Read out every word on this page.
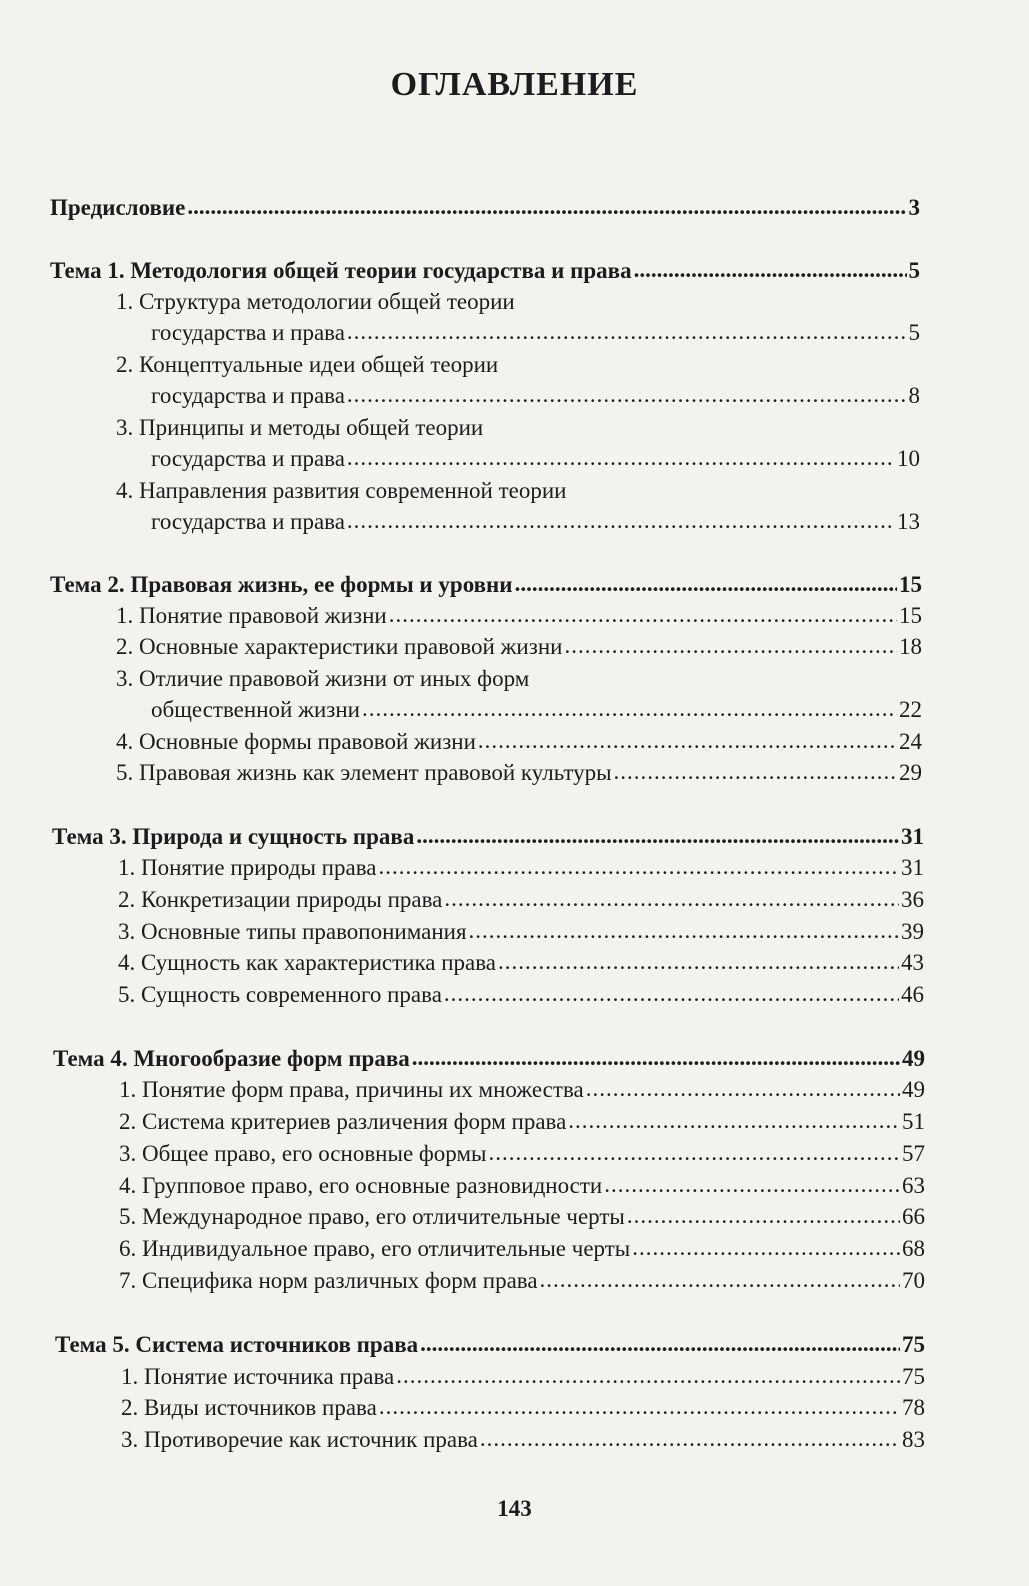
ОГЛАВЛЕНИЕ
Предисловие .....	3
Тема 1. Методология общей теории государства и права .....	5
1. Структура методологии общей теории
государства и права .....	5
2. Концептуальные идеи общей теории
государства и права .....	8
3. Принципы и методы общей теории
государства и права .....	10
4. Направления развития современной теории
государства и права .....	13
Тема 2. Правовая жизнь, ее формы и уровни .....	15
1. Понятие правовой жизни .....	15
2. Основные характеристики правовой жизни .....	18
3. Отличие правовой жизни от иных форм
общественной жизни .....	22
4. Основные формы правовой жизни .....	24
5. Правовая жизнь как элемент правовой культуры .....	29
Тема 3. Природа и сущность права .....	31
1. Понятие природы права .....	31
2. Конкретизации природы права .....	36
3. Основные типы правопонимания .....	39
4. Сущность как характеристика права .....	43
5. Сущность современного права .....	46
Тема 4. Многообразие форм права .....	49
1. Понятие форм права, причины их множества .....	49
2. Система критериев различения форм права .....	51
3. Общее право, его основные формы .....	57
4. Групповое право, его основные разновидности .....	63
5. Международное право, его отличительные черты .....	66
6. Индивидуальное право, его отличительные черты .....	68
7. Специфика норм различных форм права .....	70
Тема 5. Система источников права .....	75
1. Понятие источника права .....	75
2. Виды источников права .....	78
3. Противоречие как источник права .....	83
143
